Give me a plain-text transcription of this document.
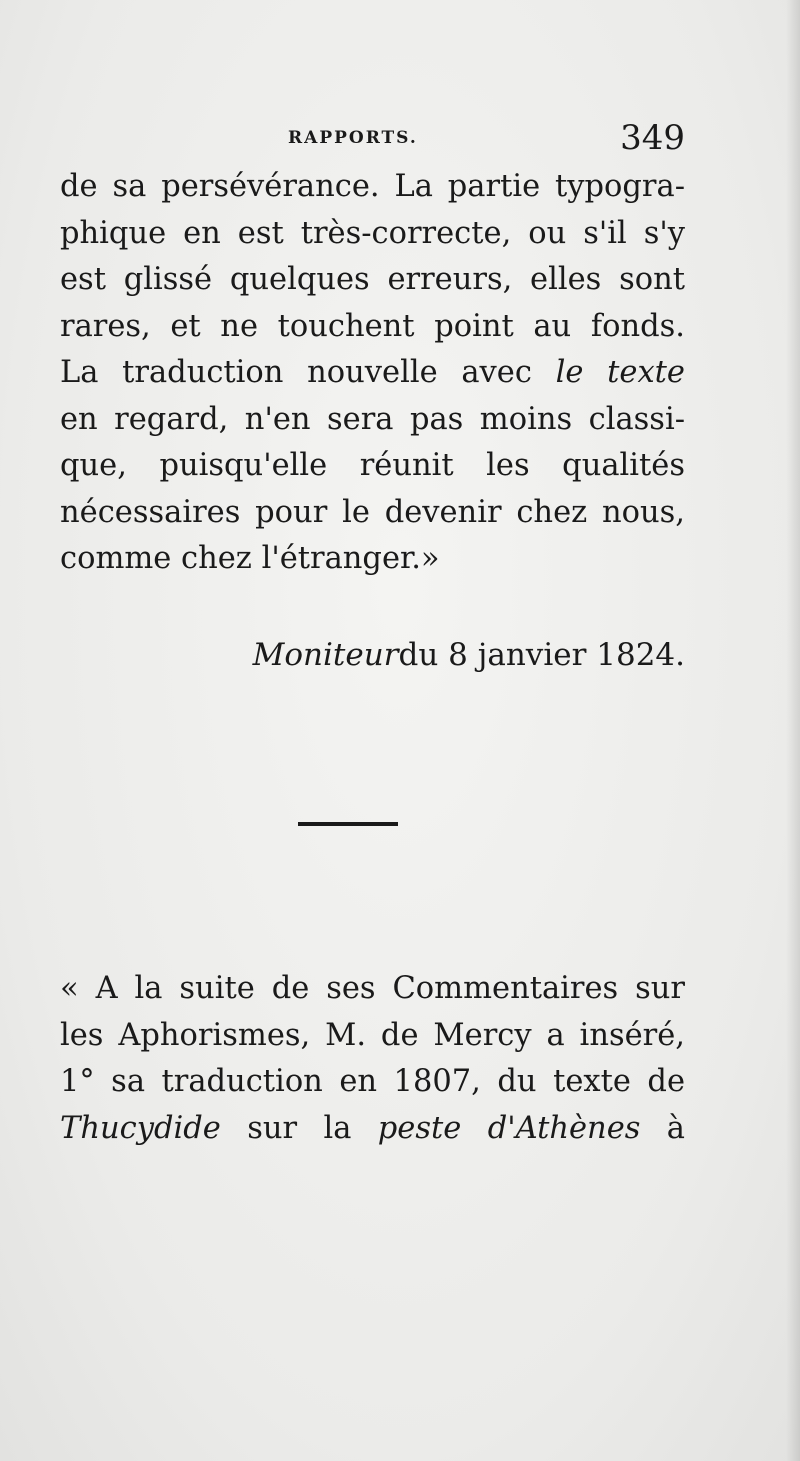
RAPPORTS.	349
de sa persévérance. La partie typogra-
phique en est très-correcte, ou s'il s'y
est glissé quelques erreurs, elles sont
rares, et ne touchent point au fonds.
La traduction nouvelle avec le texte
en regard, n'en sera pas moins classi-
que, puisqu'elle réunit les qualités
nécessaires pour le devenir chez nous,
comme chez l'étranger.»
Moniteurdu 8 janvier 1824.
« A la suite de ses Commentaires sur
les Aphorismes, M. de Mercy a inséré,
1° sa traduction en 1807, du texte de
Thucydide sur la peste d'Athènes à
